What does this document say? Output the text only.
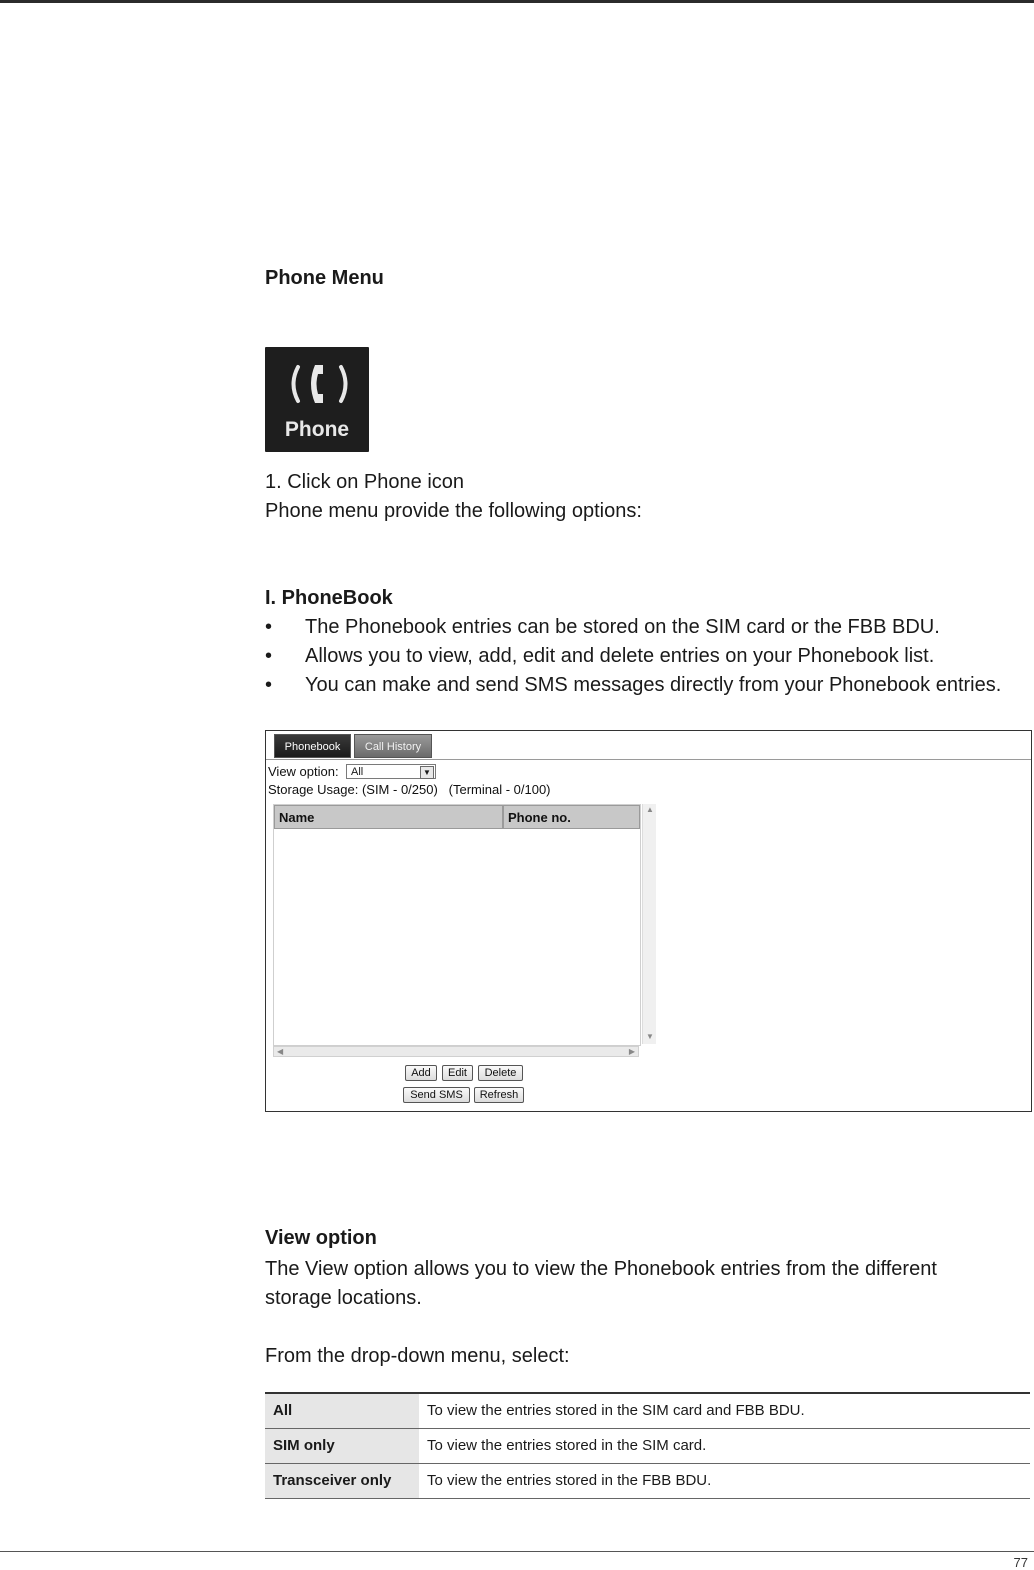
Phone Menu
Phone
1. Click on Phone icon
Phone menu provide the following options:
I. PhoneBook
• The Phonebook entries can be stored on the SIM card or the FBB BDU.
• Allows you to view, add, edit and delete entries on your Phonebook list.
• You can make and send SMS messages directly from your Phonebook entries.
Phonebook	Call History
View option:	All	▼
Storage Usage: (SIM - 0/250)   (Terminal - 0/100)
Name	Phone no.
▲
▼
◀	▶
Add	Edit	Delete
Send SMS	Refresh
View option
The View option allows you to view the Phonebook entries from the different
storage locations.
From the drop-down menu, select:
All	To view the entries stored in the SIM card and FBB BDU.
SIM only	To view the entries stored in the SIM card.
Transceiver only	To view the entries stored in the FBB BDU.
77
